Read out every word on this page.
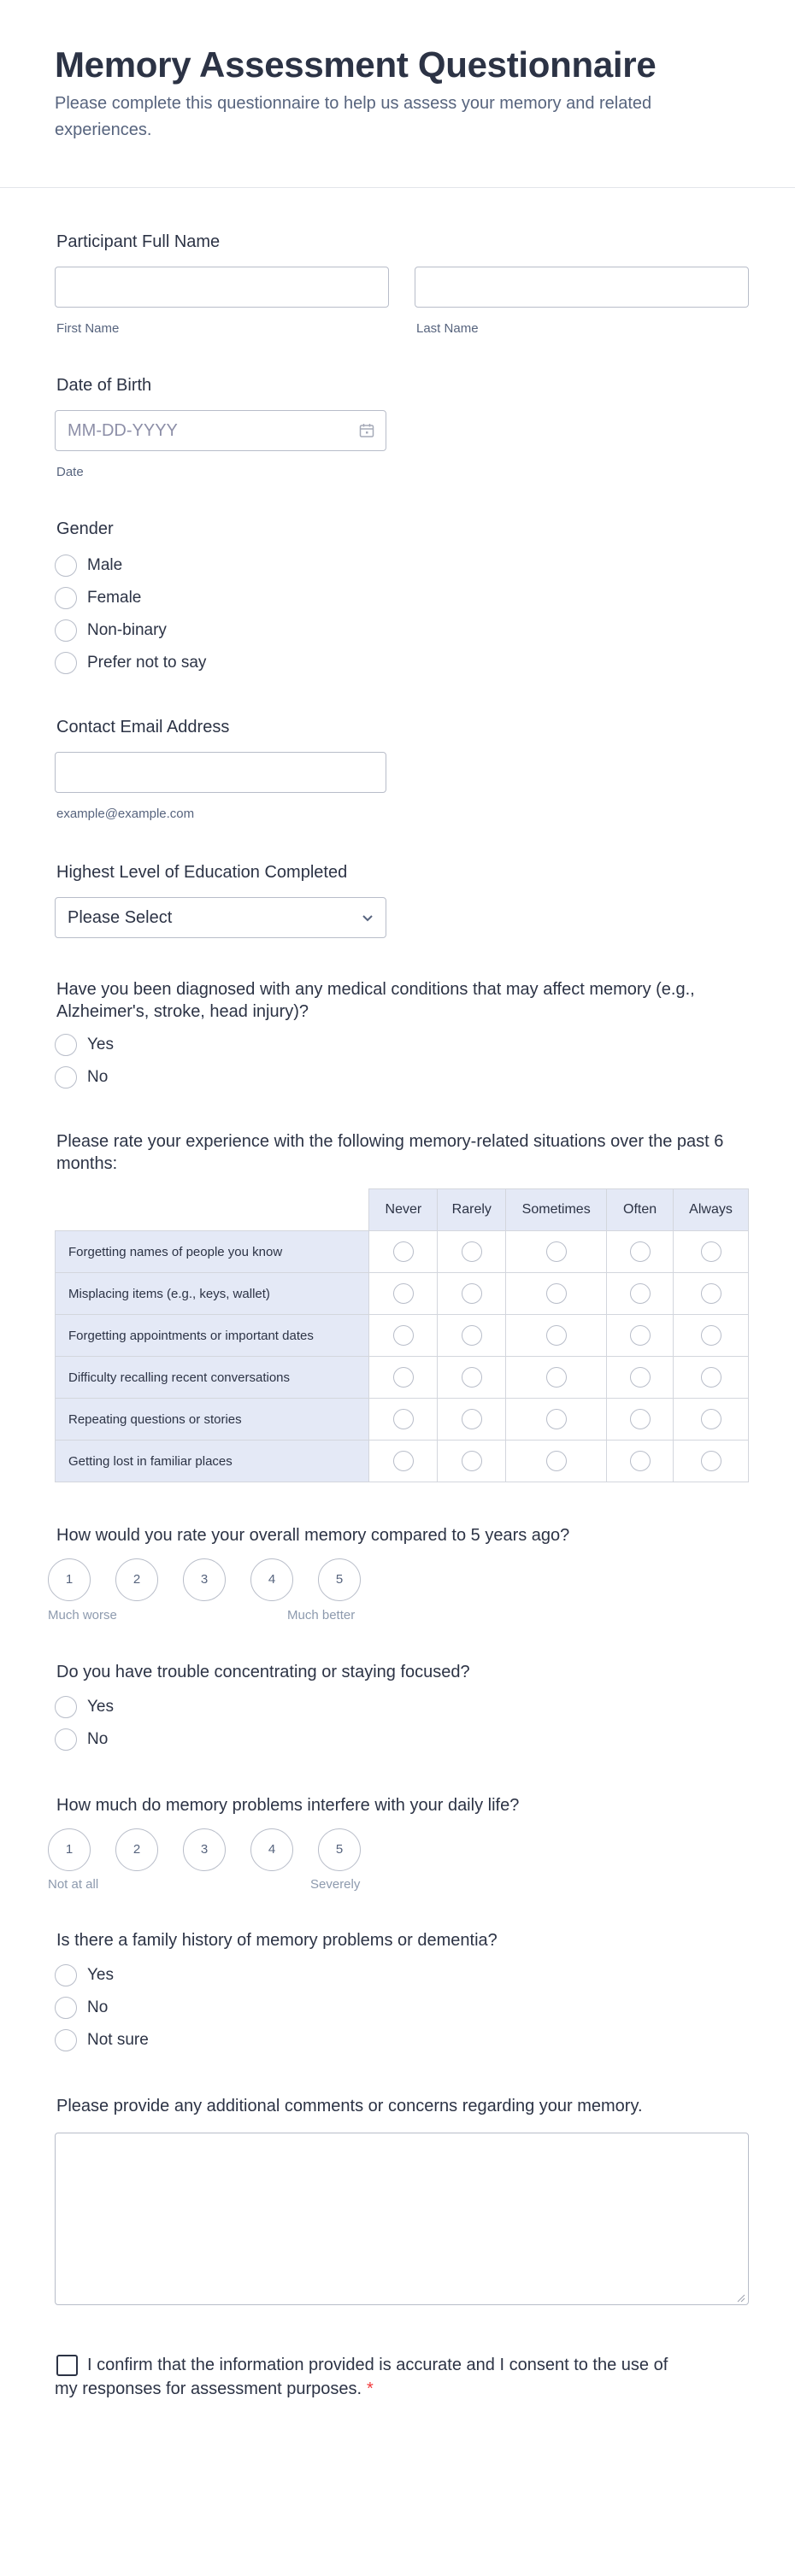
Memory Assessment Questionnaire

Please complete this questionnaire to help us assess your memory and related experiences.

Participant Full Name
First Name	Last Name
Date of Birth
MM-DD-YYYY
Date
Gender
Male
Female
Non-binary
Prefer not to say
Contact Email Address
example@example.com
Highest Level of Education Completed
Please Select
Have you been diagnosed with any medical conditions that may affect memory (e.g., Alzheimer's, stroke, head injury)?
Yes
No
Please rate your experience with the following memory-related situations over the past 6 months:
	Never	Rarely	Sometimes	Often	Always
Forgetting names of people you know					
Misplacing items (e.g., keys, wallet)					
Forgetting appointments or important dates					
Difficulty recalling recent conversations					
Repeating questions or stories					
Getting lost in familiar places					
How would you rate your overall memory compared to 5 years ago?
1	2	3	4	5
Much worse	Much better
Do you have trouble concentrating or staying focused?
Yes
No
How much do memory problems interfere with your daily life?
1	2	3	4	5
Not at all	Severely
Is there a family history of memory problems or dementia?
Yes
No
Not sure
Please provide any additional comments or concerns regarding your memory.
I confirm that the information provided is accurate and I consent to the use of my responses for assessment purposes. *
